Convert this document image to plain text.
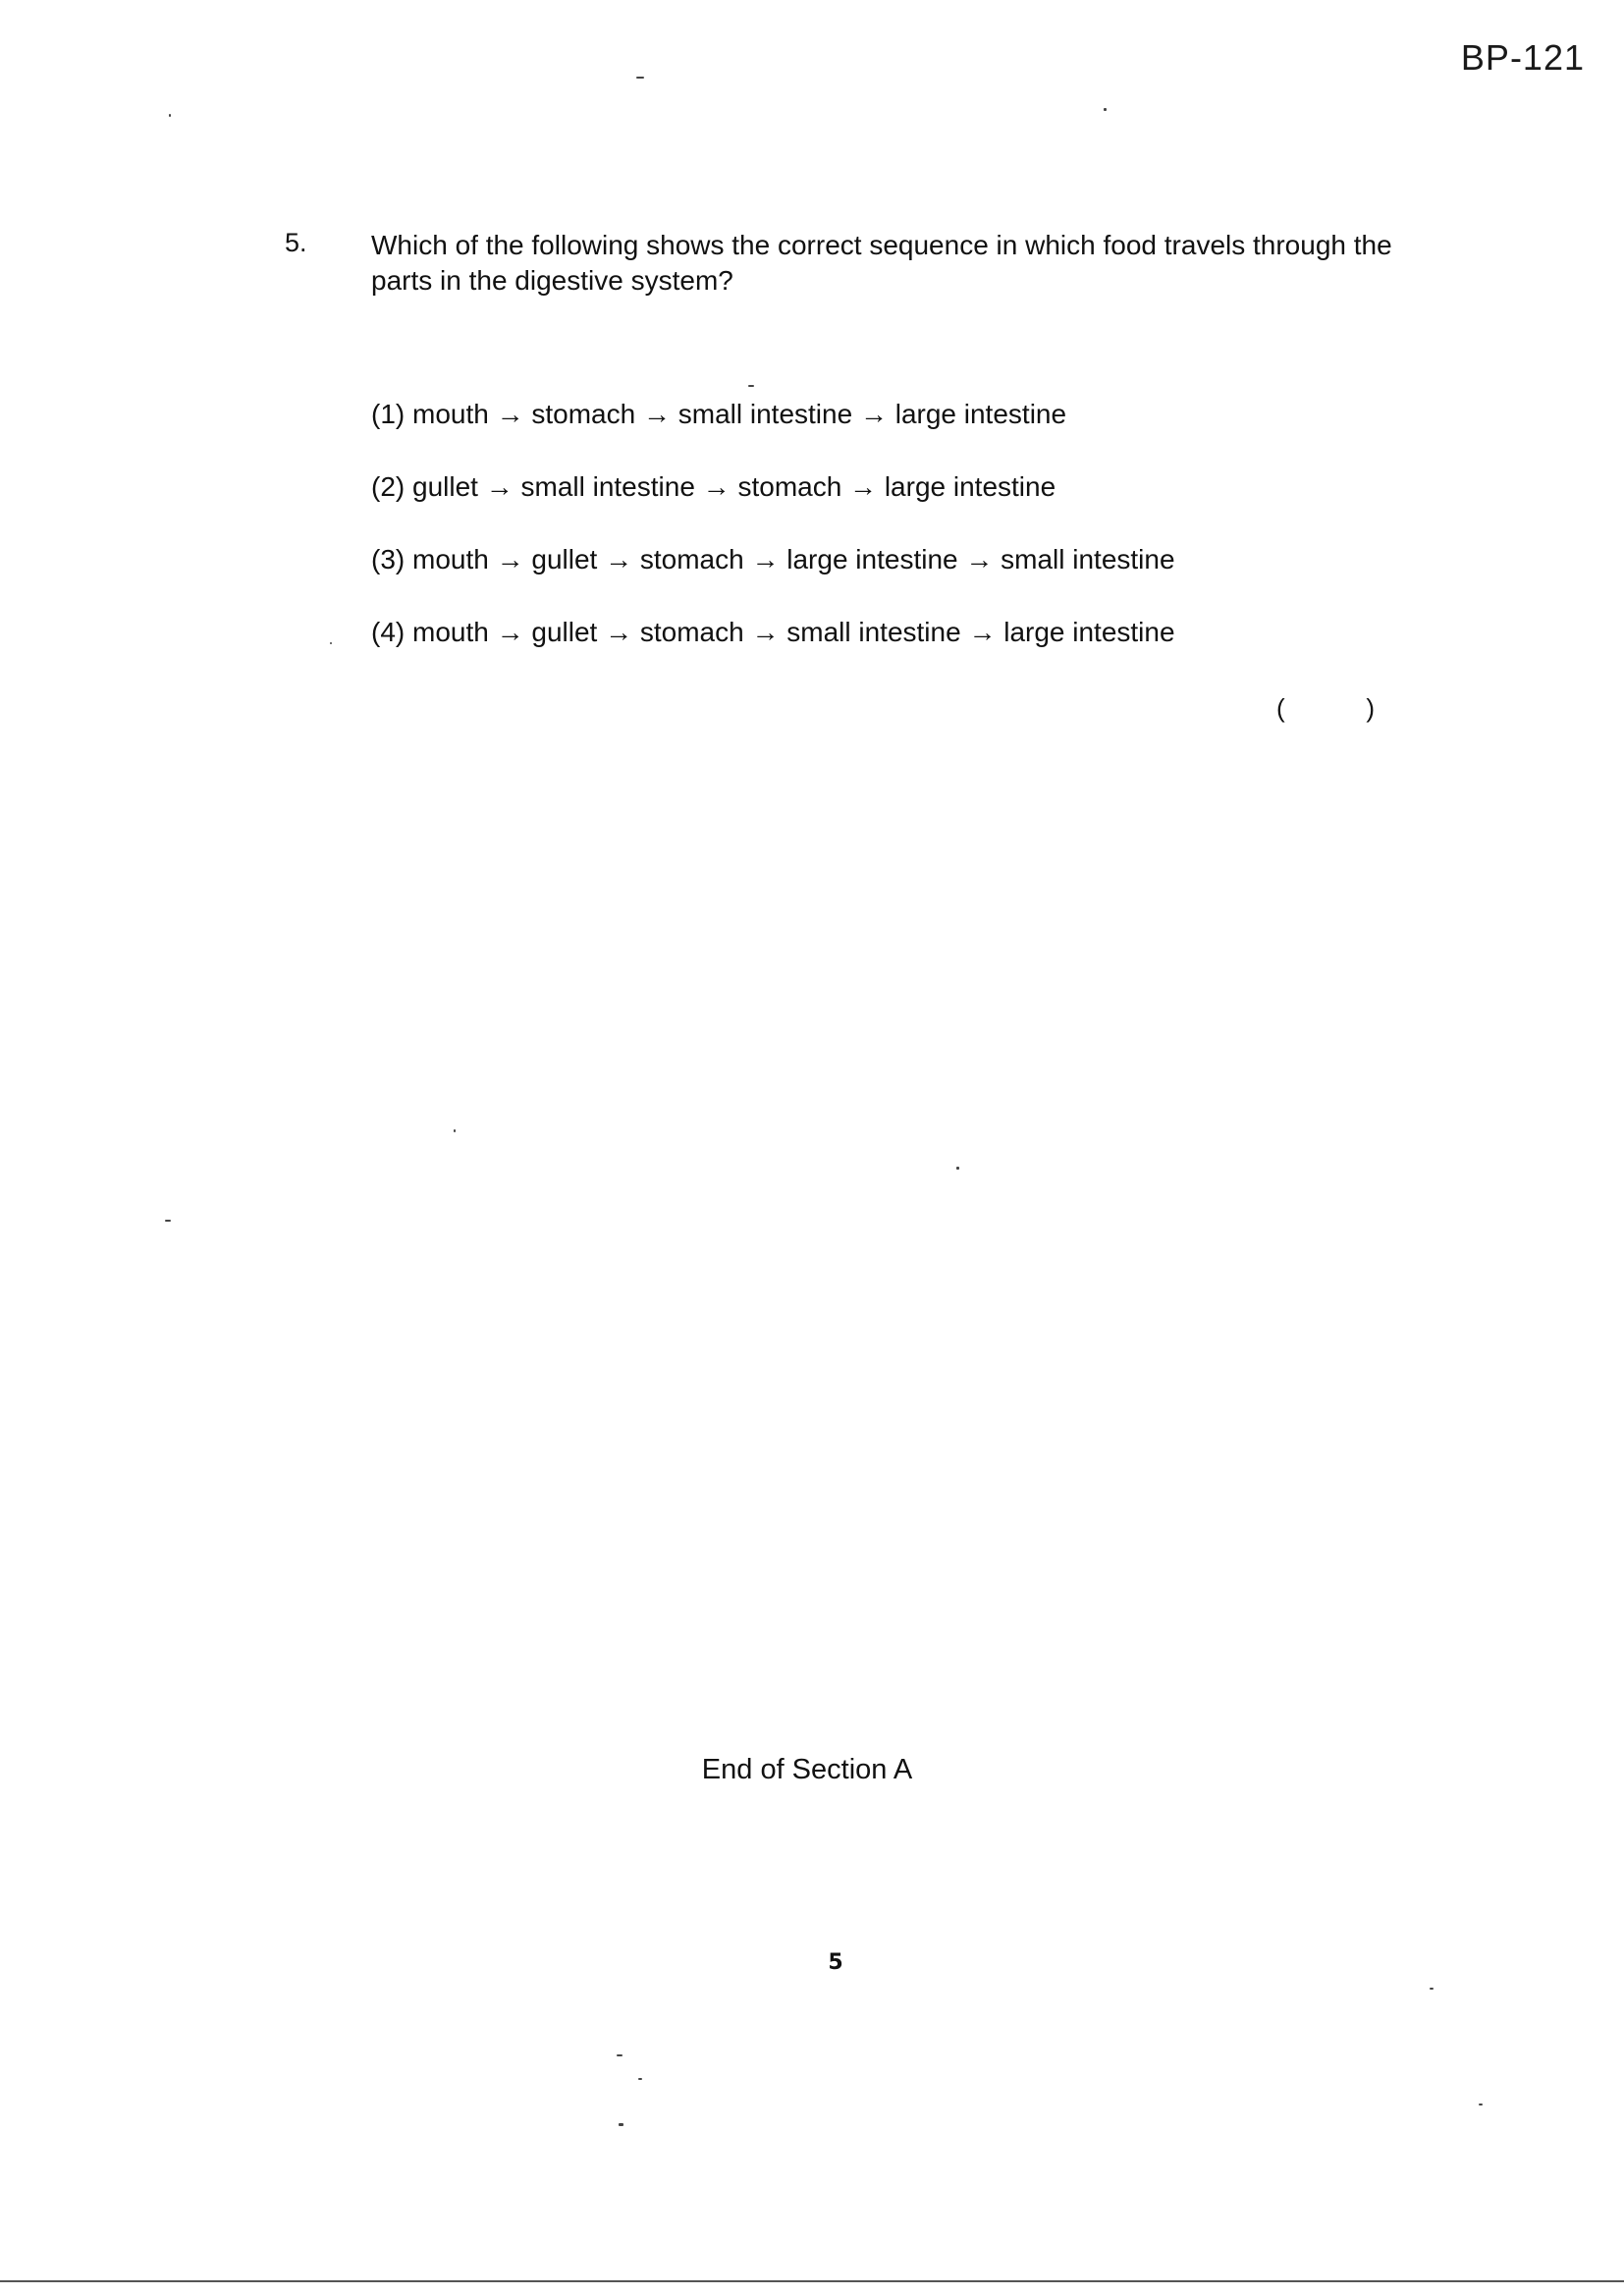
BP-121
5. Which of the following shows the correct sequence in which food travels through the parts in the digestive system?
(1) mouth → stomach → small intestine → large intestine
(2) gullet → small intestine → stomach → large intestine
(3) mouth → gullet → stomach → large intestine → small intestine
(4) mouth → gullet → stomach → small intestine → large intestine
(	)
End of Section A
5
